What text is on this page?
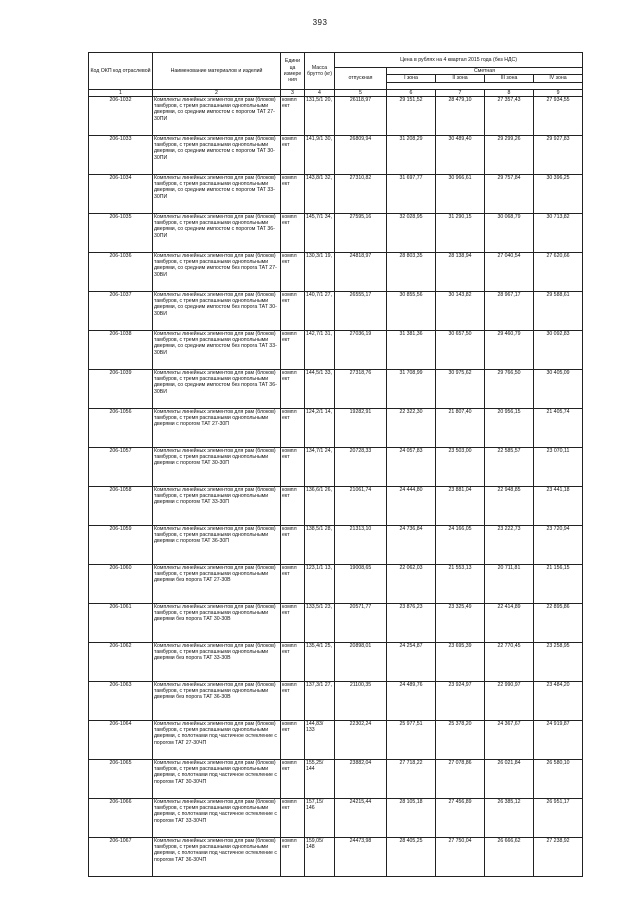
393
Код ОКП код отраслевой	Наименование материалов и изделий	Едини ца измере ния	Масса брутто (кг)	Цена в рублях на 4 квартал 2015 года (без НДС)				
				отпускная	Сметная			
					I зона	II зона	III зона	IV зона

1	2	3	4	5	6	7	8	9
206-1032	Комплекты линейных элементов для рам (блоков) тамбуров, с тремя распашными однопольными дверями, со средним импостом с порогом ТАТ 27-30ПИ	компл ект	131,5/1 20,	26118,97	29 151,52	28 479,10	27 357,43	27 934,55
206-1033	Комплекты линейных элементов для рам (блоков) тамбуров, с тремя распашными однопольными дверями, со средним импостом с порогом ТАТ 30-30ПИ	компл ект	141,9/1 30,	26809,94	31 208,29	30 489,40	29 299,26	29 927,83
206-1034	Комплекты линейных элементов для рам (блоков) тамбуров, с тремя распашными однопольными дверями, со средним импостом с порогом ТАТ 33-30ПИ	компл ект	143,8/1 32,	27310,82	31 697,77	30 966,61	29 757,84	30 396,25
206-1035	Комплекты линейных элементов для рам (блоков) тамбуров, с тремя распашными однопольными дверями, со средним импостом с порогом ТАТ 36-30ПИ	компл ект	145,7/1 34,	27595,16	32 028,95	31 290,15	30 068,79	30 713,82
206-1036	Комплекты линейных элементов для рам (блоков) тамбуров, с тремя распашными однопольными дверями, со средним импостом без порога ТАТ 27-30ВИ	компл ект	130,3/1 19,	24818,97	28 803,35	28 138,94	27 040,54	27 620,66
206-1037	Комплекты линейных элементов для рам (блоков) тамбуров, с тремя распашными однопольными дверями, со средним импостом без порога ТАТ 30-30ВИ	компл ект	140,7/1 27,	26555,17	30 855,56	30 143,82	28 967,17	29 588,61
206-1038	Комплекты линейных элементов для рам (блоков) тамбуров, с тремя распашными однопольными дверями, со средним импостом без порога ТАТ 33-30ВИ	компл ект	142,7/1 31,	27036,19	31 381,36	30 657,50	29 460,79	30 092,83
206-1039	Комплекты линейных элементов для рам (блоков) тамбуров, с тремя распашными однопольными дверями, со средним импостом без порога ТАТ 36-30ВИ	компл ект	144,5/1 33,	27318,76	31 708,99	30 975,62	29 766,50	30 405,09
206-1056	Комплекты линейных элементов для рам (блоков) тамбуров, с тремя распашными однопольными дверями с порогом ТАТ 27-30П	компл ект	124,2/1 14,	19282,91	22 322,30	21 807,40	20 956,15	21 405,74
206-1057	Комплекты линейных элементов для рам (блоков) тамбуров, с тремя распашными однопольными дверями с порогом ТАТ 30-30П	компл ект	134,7/1 24,	20728,33	24 057,83	23 503,00	22 585,57	23 070,11
206-1058	Комплекты линейных элементов для рам (блоков) тамбуров, с тремя распашными однопольными дверями с порогом ТАТ 33-30П	компл ект	136,6/1 26,	21061,74	24 444,80	23 881,04	22 948,85	23 441,18
206-1059	Комплекты линейных элементов для рам (блоков) тамбуров, с тремя распашными однопольными дверями с порогом ТАТ 36-30П	компл ект	138,5/1 28,	21313,10	24 736,84	24 166,05	23 222,73	23 720,94
206-1060	Комплекты линейных элементов для рам (блоков) тамбуров, с тремя распашными однопольными дверями без порога ТАТ 27-30В	компл ект	123,1/1 13,	19008,65	22 062,03	21 553,13	20 711,81	21 156,15
206-1061	Комплекты линейных элементов для рам (блоков) тамбуров, с тремя распашными однопольными дверями без порога ТАТ 30-30В	компл ект	133,5/1 23,	20571,77	23 876,23	23 325,49	22 414,89	22 895,86
206-1062	Комплекты линейных элементов для рам (блоков) тамбуров, с тремя распашными однопольными дверями без порога ТАТ 33-30В	компл ект	135,4/1 25,	20898,01	24 254,87	23 695,39	22 770,45	23 258,95
206-1063	Комплекты линейных элементов для рам (блоков) тамбуров, с тремя распашными однопольными дверями без порога ТАТ 36-30В	компл ект	137,3/1 27,	21100,35	24 489,76	23 924,97	22 990,97	23 484,20
206-1064	Комплекты линейных элементов для рам (блоков) тамбуров, с тремя распашными однопольными дверями, с полотнами под частичное остекление с порогом ТАТ 27-30ЧП	компл ект	144,83/ 133	22302,24	25 977,51	25 378,20	24 367,67	24 919,87
206-1065	Комплекты линейных элементов для рам (блоков) тамбуров, с тремя распашными однопольными дверями, с полотнами под частичное остекление с порогом ТАТ 30-30ЧП	компл ект	155,25/ 144	23882,04	27 718,22	27 078,86	26 021,84	26 580,10
206-1066	Комплекты линейных элементов для рам (блоков) тамбуров, с тремя распашными однопольными дверями, с полотнами под частичное остекление с порогом ТАТ 33-30ЧП	компл ект	157,15/ 146	24215,44	28 105,18	27 456,89	26 385,12	26 951,17
206-1067	Комплекты линейных элементов для рам (блоков) тамбуров, с тремя распашными однопольными дверями, с полотнами под частичное остекление с порогом ТАТ 36-30ЧП	компл ект	159,05/ 148	24473,98	28 405,25	27 750,04	26 666,62	27 238,92
